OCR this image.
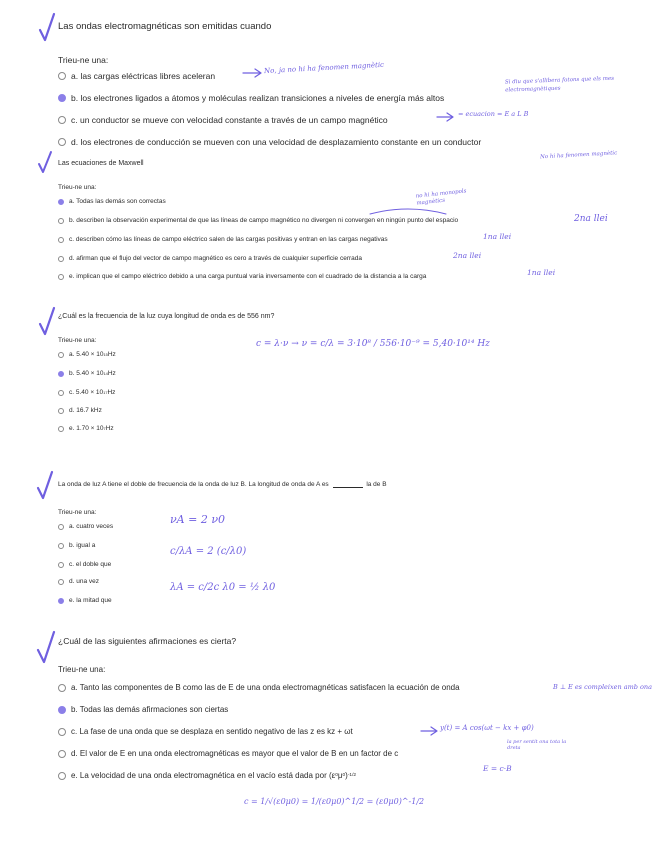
Las ondas electromagnéticas son emitidas cuando
Trieu-ne una:
a. las cargas eléctricas libres aceleran
b. los electrones ligados a átomos y moléculas realizan transiciones a niveles de energía más altos
c. un conductor se mueve con velocidad constante a través de un campo magnético
d. los electrones de conducción se mueven con una velocidad de desplazamiento constante en un conductor
No, ja no hi ha fenomen magnètic
Si diu que s'allibera fotons que els mes electromagnètiques
= ecuacion = E a L B
No hi ha fenomen magnètic
Las ecuaciones de Maxwell
Trieu-ne una:
a. Todas las demás son correctas
b. describen la observación experimental de que las líneas de campo magnético no divergen ni convergen en ningún punto del espacio
c. describen cómo las líneas de campo eléctrico salen de las cargas positivas y entran en las cargas negativas
d. afirman que el flujo del vector de campo magnético es cero a través de cualquier superficie cerrada
e. implican que el campo eléctrico debido a una carga puntual varía inversamente con el cuadrado de la distancia a la carga
no hi ha monopols magnètics
2na llei
1na llei
2na llei
1na llei
¿Cuál es la frecuencia de la luz cuya longitud de onda es de 556 nm?
Trieu-ne una:
a. 5.40 × 10 15 Hz
b. 5.40 × 10 14 Hz
c. 5.40 × 10 17 Hz
d. 16.7 kHz
e. 1.70 × 10 7 Hz
c = λ·ν → ν = c/λ = 3·10⁸ / 556·10⁻⁹ = 5,40·10¹⁴ Hz
La onda de luz A tiene el doble de frecuencia de la onda de luz B. La longitud de onda de A es	la de B
Trieu-ne una:
a. cuatro veces
b. igual a
c. el doble que
d. una vez
e. la mitad que
νA = 2 ν0
c/λA = 2 (c/λ0)
λA = c/2c λ0 = ½ λ0
¿Cuál de las siguientes afirmaciones es cierta?
Trieu-ne una:
a. Tanto las componentes de B como las de E de una onda electromagnéticas satisfacen la ecuación de onda
b. Todas las demás afirmaciones son ciertas
c. La fase de una onda que se desplaza en sentido negativo de las z es kz + ωt
d. El valor de E en una onda electromagnéticas es mayor que el valor de B en un factor de c
e. La velocidad de una onda electromagnética en el vacío está dada por (ε 0 μ 0 ) -1/2
B ⊥ E es compleixen amb ona
y(t) = A cos(ωt − kx + φ0)
la per sentit ona tota la dreta
E = c·B
c = 1/√(ε0μ0) = 1/(ε0μ0)^1/2 = (ε0μ0)^-1/2
